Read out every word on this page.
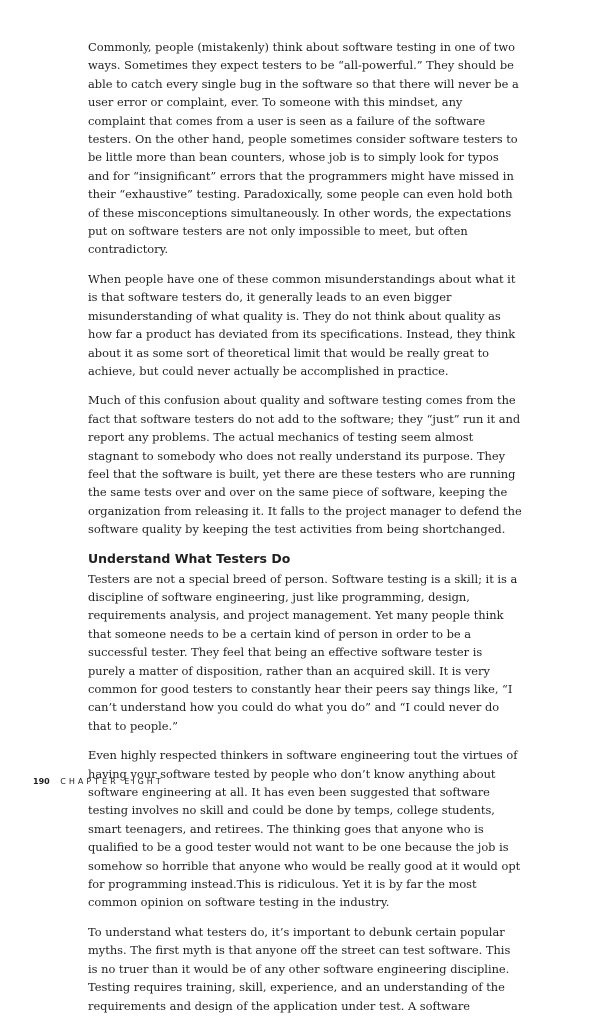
Commonly, people (mistakenly) think about software testing in one of two ways. Sometimes they expect testers to be “all-powerful.” They should be able to catch every single bug in the software so that there will never be a user error or complaint, ever. To someone with this mindset, any complaint that comes from a user is seen as a failure of the software testers. On the other hand, people sometimes consider software testers to be little more than bean counters, whose job is to simply look for typos and for “insignificant” errors that the programmers might have missed in their “exhaustive” testing. Paradoxically, some people can even hold both of these misconceptions simultaneously. In other words, the expectations put on software testers are not only impossible to meet, but often contradictory.

When people have one of these common misunderstandings about what it is that software testers do, it generally leads to an even bigger misunderstanding of what quality is. They do not think about quality as how far a product has deviated from its specifications. Instead, they think about it as some sort of theoretical limit that would be really great to achieve, but could never actually be accomplished in practice.

Much of this confusion about quality and software testing comes from the fact that software testers do not add to the software; they “just” run it and report any problems. The actual mechanics of testing seem almost stagnant to somebody who does not really understand its purpose. They feel that the software is built, yet there are these testers who are running the same tests over and over on the same piece of software, keeping the organization from releasing it. It falls to the project manager to defend the software quality by keeping the test activities from being shortchanged.

Understand What Testers Do

Testers are not a special breed of person. Software testing is a skill; it is a discipline of software engineering, just like programming, design, requirements analysis, and project management. Yet many people think that someone needs to be a certain kind of person in order to be a successful tester. They feel that being an effective software tester is purely a matter of disposition, rather than an acquired skill. It is very common for good testers to constantly hear their peers say things like, “I can’t understand how you could do what you do” and “I could never do that to people.”

Even highly respected thinkers in software engineering tout the virtues of having your software tested by people who don’t know anything about software engineering at all. It has even been suggested that software testing involves no skill and could be done by temps, college students, smart teenagers, and retirees. The thinking goes that anyone who is qualified to be a good tester would not want to be one because the job is somehow so horrible that anyone who would be really good at it would opt for programming instead.This is ridiculous. Yet it is by far the most common opinion on software testing in the industry.

To understand what testers do, it’s important to debunk certain popular myths. The first myth is that anyone off the street can test software. This is no truer than it would be of any other software engineering discipline. Testing requires training, skill, experience, and an understanding of the requirements and design of the application under test. A software

190 CHAPTER EIGHT
